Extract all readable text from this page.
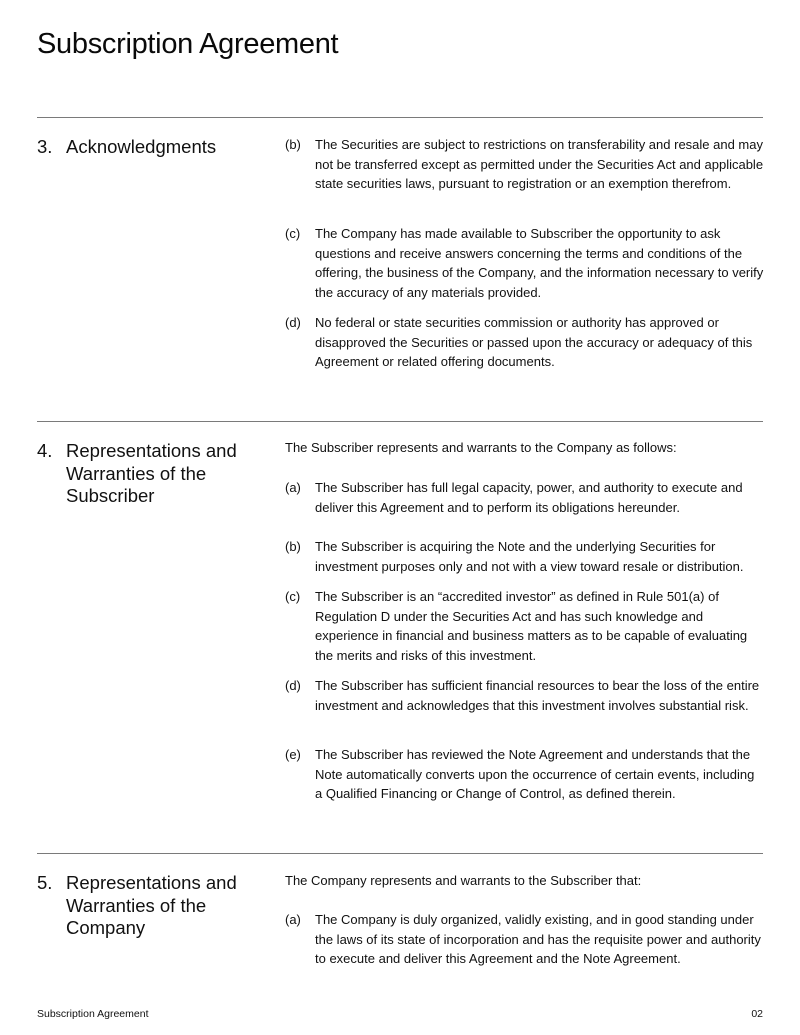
Subscription Agreement
3. Acknowledgments	(b)	The Securities are subject to restrictions on transferability and resale and may not be transferred except as permitted under the Securities Act and applicable state securities laws, pursuant to registration or an exemption therefrom.
(c)	The Company has made available to Subscriber the opportunity to ask questions and receive answers concerning the terms and conditions of the offering, the business of the Company, and the information necessary to verify the accuracy of any materials provided.
(d)	No federal or state securities commission or authority has approved or disapproved the Securities or passed upon the accuracy or adequacy of this Agreement or related offering documents.
4. Representations and Warranties of the Subscriber
The Subscriber represents and warrants to the Company as follows:
(a)	The Subscriber has full legal capacity, power, and authority to execute and deliver this Agreement and to perform its obligations hereunder.
(b)	The Subscriber is acquiring the Note and the underlying Securities for investment purposes only and not with a view toward resale or distribution.
(c)	The Subscriber is an “accredited investor” as defined in Rule 501(a) of Regulation D under the Securities Act and has such knowledge and experience in financial and business matters as to be capable of evaluating the merits and risks of this investment.
(d)	The Subscriber has sufficient financial resources to bear the loss of the entire investment and acknowledges that this investment involves substantial risk.
(e)	The Subscriber has reviewed the Note Agreement and understands that the Note automatically converts upon the occurrence of certain events, including a Qualified Financing or Change of Control, as defined therein.
5. Representations and Warranties of the Company
The Company represents and warrants to the Subscriber that:
(a)	The Company is duly organized, validly existing, and in good standing under the laws of its state of incorporation and has the requisite power and authority to execute and deliver this Agreement and the Note Agreement.
Subscription Agreement	02
